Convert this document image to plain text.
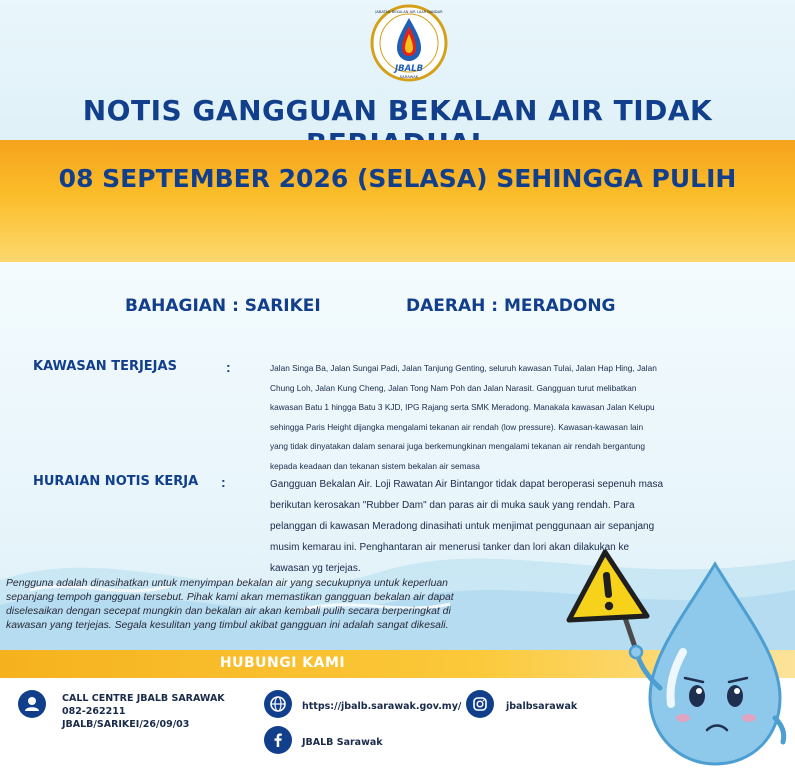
JBALB
SARAWAK
JABATAN BEKALAN AIR LUAR BANDAR
NOTIS GANGGUAN BEKALAN AIR TIDAK
08 SEPTEMBER 2026 (SELASA) SEHINGGA PULIH
BAHAGIAN : SARIKEI	DAERAH : MERADONG
KAWASAN TERJEJAS	:	Jalan Singa Ba, Jalan Sungai Padi, Jalan Tanjung Genting, seluruh kawasan Tulai, Jalan Hap Hing, Jalan
Chung Loh, Jalan Kung Cheng, Jalan Tong Nam Poh dan Jalan Narasit. Gangguan turut melibatkan
kawasan Batu 1 hingga Batu 3 KJD, IPG Rajang serta SMK Meradong. Manakala kawasan Jalan Kelupu
sehingga Paris Height dijangka mengalami tekanan air rendah (low pressure). Kawasan-kawasan lain
yang tidak dinyatakan dalam senarai juga berkemungkinan mengalami tekanan air rendah bergantung
kepada keadaan dan tekanan sistem bekalan air semasa
HURAIAN NOTIS KERJA :	Gangguan Bekalan Air. Loji Rawatan Air Bintangor tidak dapat beroperasi sepenuh masa
berikutan kerosakan "Rubber Dam" dan paras air di muka sauk yang rendah. Para
pelanggan di kawasan Meradong dinasihati untuk menjimat penggunaan air sepanjang
musim kemarau ini. Penghantaran air menerusi tanker dan lori akan dilakukan ke
kawasan yg terjejas.
Pengguna adalah dinasihatkan untuk menyimpan bekalan air yang secukupnya untuk keperluan
sepanjang tempoh gangguan tersebut. Pihak kami akan memastikan gangguan bekalan air dapat
diselesaikan dengan secepat mungkin dan bekalan air akan kembali pulih secara berperingkat di
kawasan yang terjejas. Segala kesulitan yang timbul akibat gangguan ini adalah sangat dikesali.
HUBUNGI KAMI
CALL CENTRE JBALB SARAWAK
082-262211
JBALB/SARIKEI/26/09/03
https://jbalb.sarawak.gov.my/	jbalbsarawak
JBALB Sarawak
